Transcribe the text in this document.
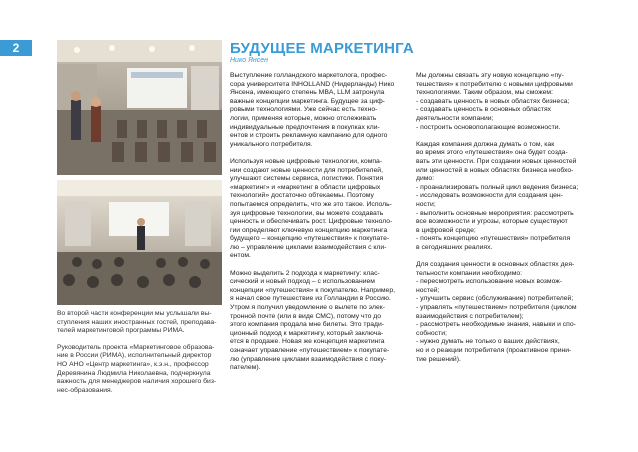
2

Во второй части конференции мы услышали вы-
ступления наших иностранных гостей, преподава-
телей маркетинговой программы РИМА.

Руководитель проекта «Маркетинговое образова-
ние в России (РИМА), исполнительный директор
НО АНО «Центр маркетинга», к.э.н., профессор
Деревянина Людмила Николаевна, подчеркнула
важность для менеджеров наличия хорошего биз-
нес-образования.

БУДУЩЕЕ МАРКЕТИНГА
Нико Янсен

Выступление голландского маркетолога, профес-
сора университета INHOLLAND (Нидерланды) Нико
Янсена, имеющего степень MBA, LLM затронула
важные концепции маркетинга. Будущее за циф-
ровыми технологиями. Уже сейчас есть техно-
логии, применяя которые, можно отслеживать
индивидуальные предпочтения в покупках кли-
ентов и строить рекламную кампанию для одного
уникального потребителя.

Используя новые цифровые технологии, компа-
нии создают новые ценности для потребителей,
улучшают системы сервиса, логистики. Понятия
«маркетинг» и «маркетинг в области цифровых
технологий» достаточно обтекаемы. Поэтому
попытаемся определить, что же это такое. Исполь-
зуя цифровые технологии, вы можете создавать
ценность и обеспечивать рост. Цифровые техноло-
гии определяют ключевую концепцию маркетинга
будущего – концепцию «путешествия» к покупате-
лю – управление циклами взаимодействия с кли-
ентом.

Можно выделить 2 подхода к маркетингу: клас-
сический и новый подход – с использованием
концепции «путешествия» к покупателю. Например,
я начал свое путешествие из Голландии в Россию.
Утром я получил уведомление о вылете по элек-
тронной почте (или в виде СМС), потому что до
этого компания продала мне билеты. Это тради-
ционный подход к маркетингу, который заключа-
ется в продаже. Новая же концепция маркетинга
означает управление «путешествием» к покупате-
лю (управление циклами взаимодействия с поку-
пателем).

Мы должны связать эту новую концепцию «пу-
тешествия» к потребителю с новыми цифровыми
технологиями. Таким образом, мы сможем:
- создавать ценность в новых областях бизнеса;
- создавать ценность в основных областях
деятельности компании;
- построить основополагающие возможности.

Каждая компания должна думать о том, как
во время этого «путешествия» она будет созда-
вать эти ценности. При создании новых ценностей
или ценностей в новых областях бизнеса необхо-
димо:
- проанализировать полный цикл ведения бизнеса;
- исследовать возможности для создания цен-
ности;
- выполнить основные мероприятия: рассмотреть
все возможности и угрозы, которые существуют
в цифровой среде;
- понять концепцию «путешествия» потребителя
в сегодняшних реалиях.

Для создания ценности в основных областях дея-
тельности компании необходимо:
- пересмотреть использование новых возмож-
ностей;
- улучшить сервис (обслуживание) потребителей;
- управлять «путешествием» потребителя (циклом
взаимодействия с потребителем);
- рассмотреть необходимые знания, навыки и спо-
собности;
- нужно думать не только о ваших действиях,
но и о реакции потребителя (проактивное прини-
тие решений).
